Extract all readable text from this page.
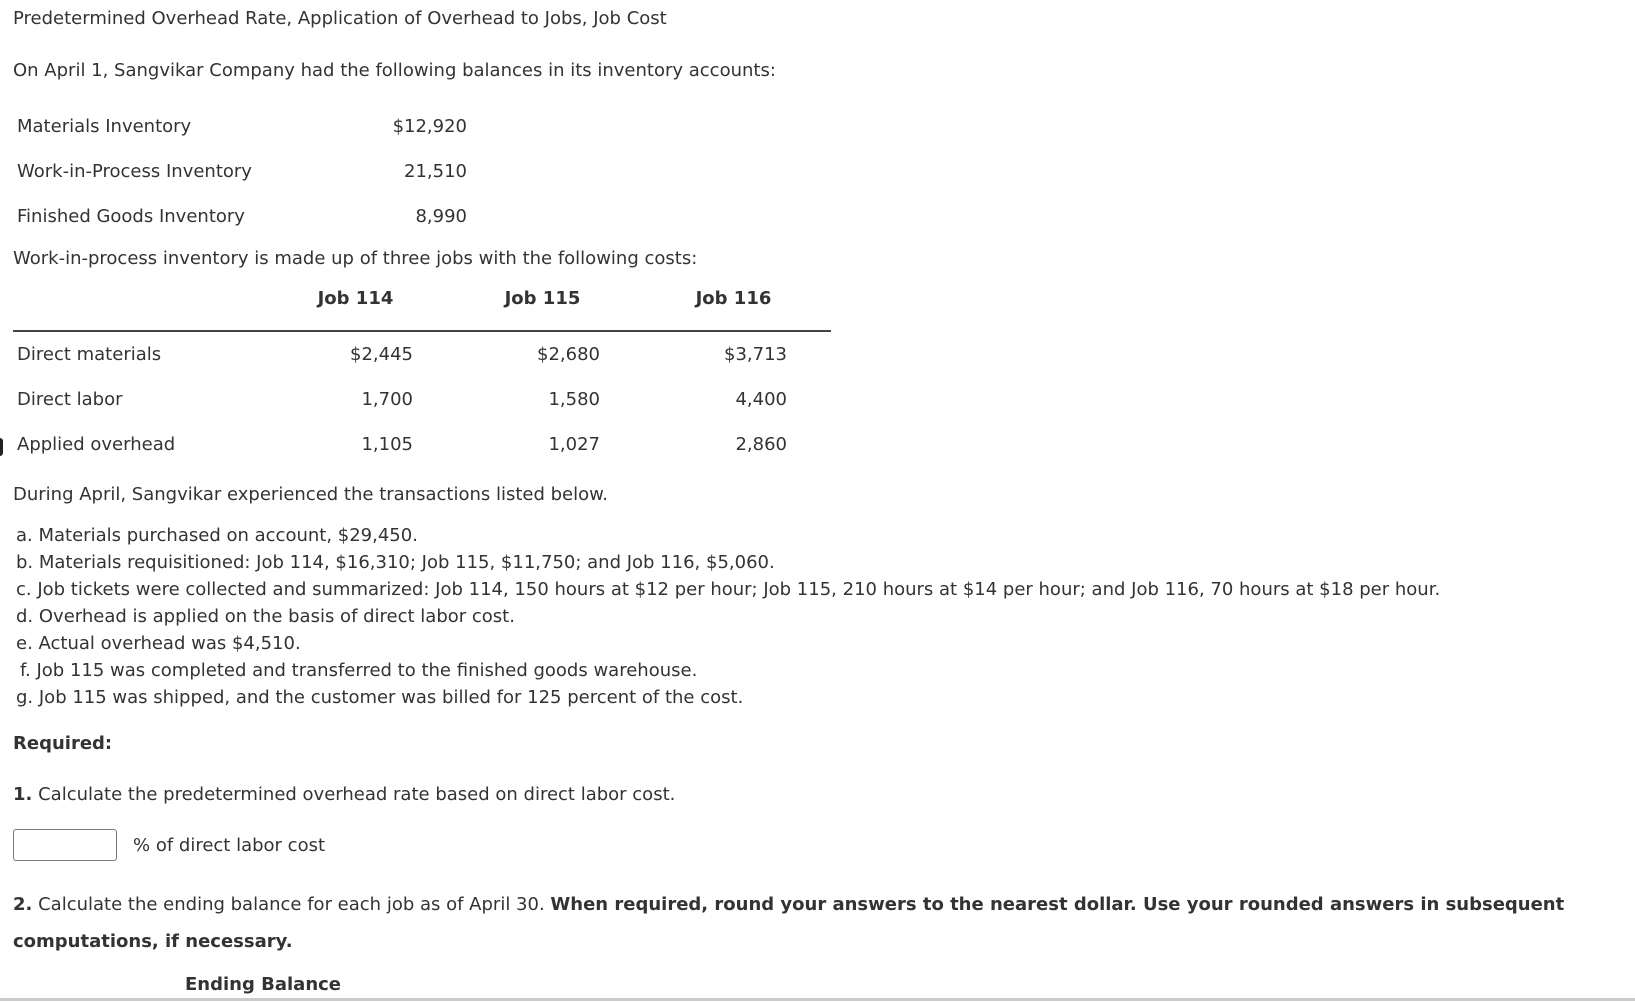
Predetermined Overhead Rate, Application of Overhead to Jobs, Job Cost
On April 1, Sangvikar Company had the following balances in its inventory accounts:
Materials Inventory	$12,920
Work-in-Process Inventory	21,510
Finished Goods Inventory	8,990
Work-in-process inventory is made up of three jobs with the following costs:
	Job 114	Job 115	Job 116
Direct materials	$2,445	$2,680	$3,713
Direct labor	1,700	1,580	4,400
Applied overhead	1,105	1,027	2,860
During April, Sangvikar experienced the transactions listed below.
a. Materials purchased on account, $29,450.
b. Materials requisitioned: Job 114, $16,310; Job 115, $11,750; and Job 116, $5,060.
c. Job tickets were collected and summarized: Job 114, 150 hours at $12 per hour; Job 115, 210 hours at $14 per hour; and Job 116, 70 hours at $18 per hour.
d. Overhead is applied on the basis of direct labor cost.
e. Actual overhead was $4,510.
f. Job 115 was completed and transferred to the finished goods warehouse.
g. Job 115 was shipped, and the customer was billed for 125 percent of the cost.
Required:
1. Calculate the predetermined overhead rate based on direct labor cost.
% of direct labor cost
2. Calculate the ending balance for each job as of April 30. When required, round your answers to the nearest dollar. Use your rounded answers in subsequent computations, if necessary.
Ending Balance
